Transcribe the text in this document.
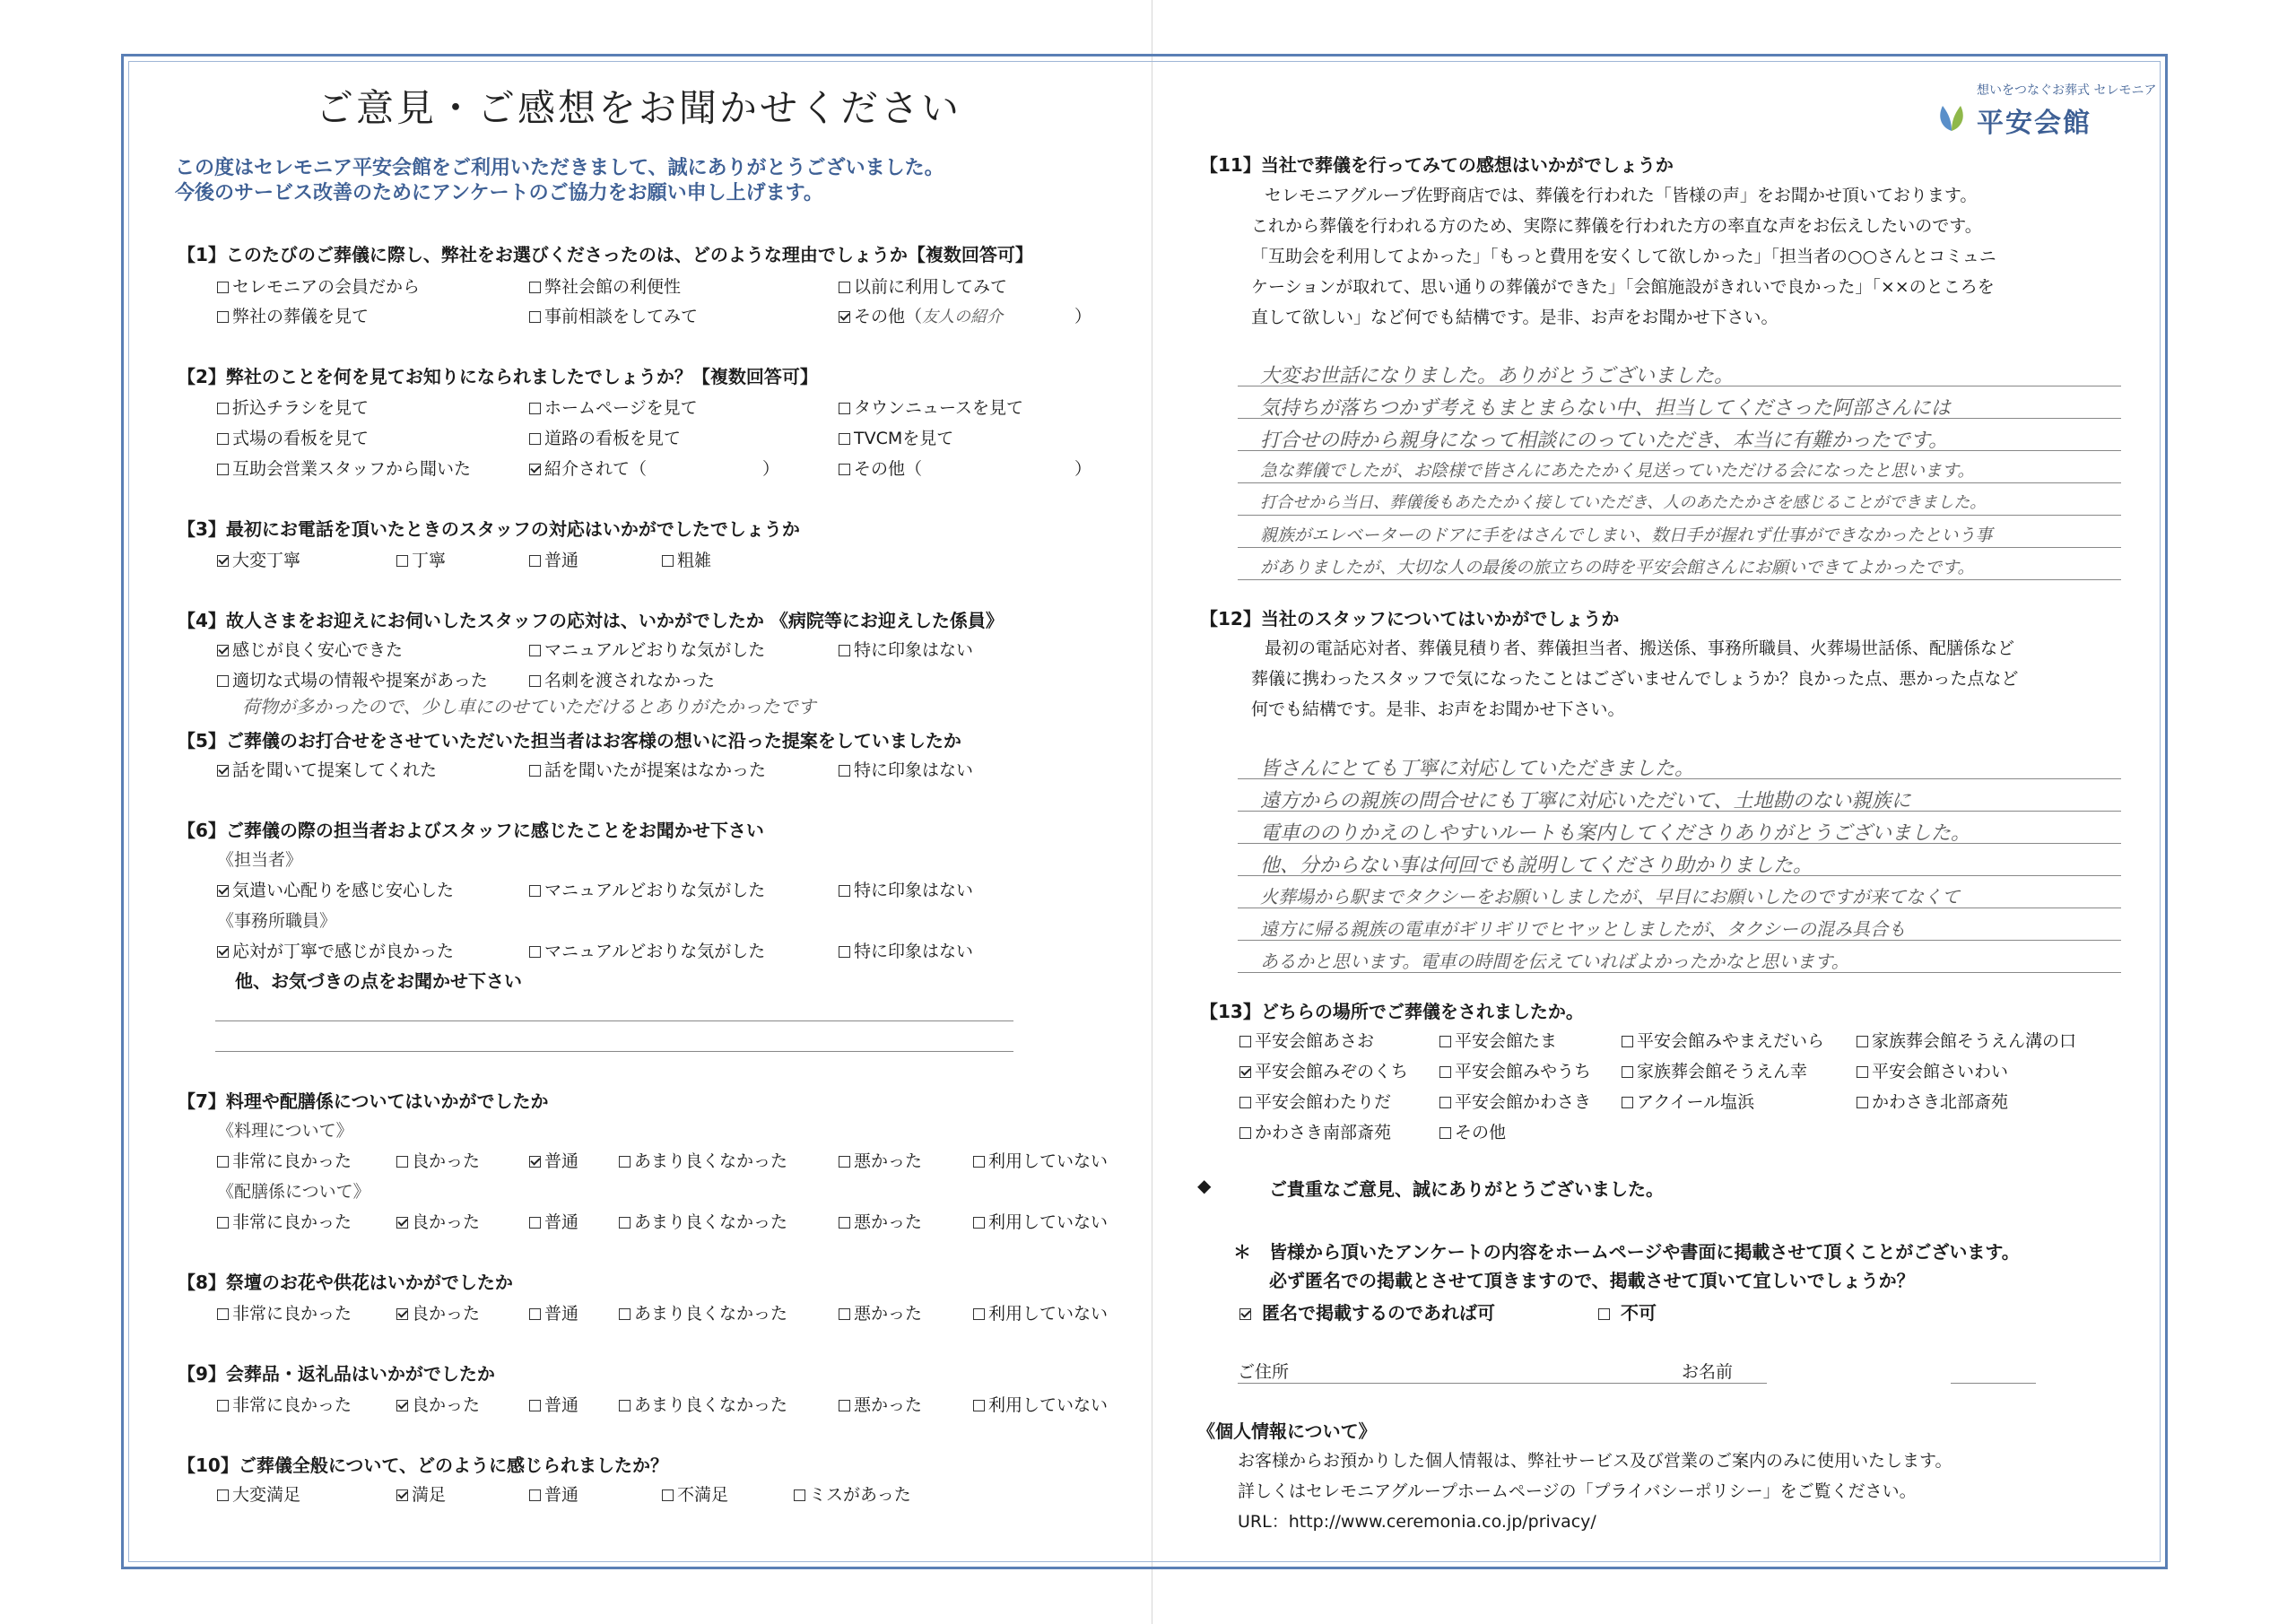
ご意見・ご感想をお聞かせください
この度はセレモニア平安会館をご利用いただきまして、誠にありがとうございました。
今後のサービス改善のためにアンケートのご協力をお願い申し上げます。
【1】このたびのご葬儀に際し、弊社をお選びくださったのは、どのような理由でしょうか【複数回答可】
セレモニアの会員だから	弊社会館の利便性	以前に利用してみて
弊社の葬儀を見て	事前相談をしてみて	その他（友人の紹介	）
【2】弊社のことを何を見てお知りになられましたでしょうか？【複数回答可】
折込チラシを見て	ホームページを見て	タウンニュースを見て
式場の看板を見て	道路の看板を見て	TVCMを見て
互助会営業スタッフから聞いた	紹介されて（	）	その他（	）
【3】最初にお電話を頂いたときのスタッフの対応はいかがでしたでしょうか
大変丁寧	丁寧	普通	粗雑
【4】故人さまをお迎えにお伺いしたスタッフの応対は、いかがでしたか 《病院等にお迎えした係員》
感じが良く安心できた	マニュアルどおりな気がした	特に印象はない
適切な式場の情報や提案があった	名刺を渡されなかった
荷物が多かったので、少し車にのせていただけるとありがたかったです
【5】ご葬儀のお打合せをさせていただいた担当者はお客様の想いに沿った提案をしていましたか
話を聞いて提案してくれた	話を聞いたが提案はなかった	特に印象はない
【6】ご葬儀の際の担当者およびスタッフに感じたことをお聞かせ下さい
《担当者》
気遣い心配りを感じ安心した	マニュアルどおりな気がした	特に印象はない
《事務所職員》
応対が丁寧で感じが良かった	マニュアルどおりな気がした	特に印象はない
他、お気づきの点をお聞かせ下さい
【7】料理や配膳係についてはいかがでしたか
《料理について》
非常に良かった	良かった	普通	あまり良くなかった	悪かった	利用していない
《配膳係について》
非常に良かった	良かった	普通	あまり良くなかった	悪かった	利用していない
【8】祭壇のお花や供花はいかがでしたか
非常に良かった	良かった	普通	あまり良くなかった	悪かった	利用していない
【9】会葬品・返礼品はいかがでしたか
非常に良かった	良かった	普通	あまり良くなかった	悪かった	利用していない
【10】ご葬儀全般について、どのように感じられましたか？
大変満足	満足	普通	不満足	ミスがあった
想いをつなぐお葬式 セレモニア
平安会館
【11】当社で葬儀を行ってみての感想はいかがでしょうか
セレモニアグループ佐野商店では、葬儀を行われた「皆様の声」をお聞かせ頂いております。
これから葬儀を行われる方のため、実際に葬儀を行われた方の率直な声をお伝えしたいのです。
「互助会を利用してよかった」「もっと費用を安くして欲しかった」「担当者の○○さんとコミュニ
ケーションが取れて、思い通りの葬儀ができた」「会館施設がきれいで良かった」「××のところを
直して欲しい」など何でも結構です。是非、お声をお聞かせ下さい。
大変お世話になりました。ありがとうございました。
気持ちが落ちつかず考えもまとまらない中、担当してくださった阿部さんには
打合せの時から親身になって相談にのっていただき、本当に有難かったです。
急な葬儀でしたが、お陰様で皆さんにあたたかく見送っていただける会になったと思います。
打合せから当日、葬儀後もあたたかく接していただき、人のあたたかさを感じることができました。
親族がエレベーターのドアに手をはさんでしまい、数日手が握れず仕事ができなかったという事
がありましたが、大切な人の最後の旅立ちの時を平安会館さんにお願いできてよかったです。
【12】当社のスタッフについてはいかがでしょうか
最初の電話応対者、葬儀見積り者、葬儀担当者、搬送係、事務所職員、火葬場世話係、配膳係など
葬儀に携わったスタッフで気になったことはございませんでしょうか？良かった点、悪かった点など
何でも結構です。是非、お声をお聞かせ下さい。
皆さんにとても丁寧に対応していただきました。
遠方からの親族の問合せにも丁寧に対応いただいて、土地勘のない親族に
電車ののりかえのしやすいルートも案内してくださりありがとうございました。
他、分からない事は何回でも説明してくださり助かりました。
火葬場から駅までタクシーをお願いしましたが、早目にお願いしたのですが来てなくて
遠方に帰る親族の電車がギリギリでヒヤッとしましたが、タクシーの混み具合も
あるかと思います。電車の時間を伝えていればよかったかなと思います。
【13】どちらの場所でご葬儀をされましたか。
平安会館あさお	平安会館たま	平安会館みやまえだいら	家族葬会館そうえん溝の口
平安会館みぞのくち	平安会館みやうち	家族葬会館そうえん幸	平安会館さいわい
平安会館わたりだ	平安会館かわさき	アクイール塩浜	かわさき北部斎苑
かわさき南部斎苑	その他
◆	ご貴重なご意見、誠にありがとうございました。
＊ 皆様から頂いたアンケートの内容をホームページや書面に掲載させて頂くことがございます。
必ず匿名での掲載とさせて頂きますので、掲載させて頂いて宜しいでしょうか？
匿名で掲載するのであれば可	不可
ご住所	お名前
《個人情報について》
お客様からお預かりした個人情報は、弊社サービス及び営業のご案内のみに使用いたします。
詳しくはセレモニアグループホームページの「プライバシーポリシー」をご覧ください。
URL：http://www.ceremonia.co.jp/privacy/
